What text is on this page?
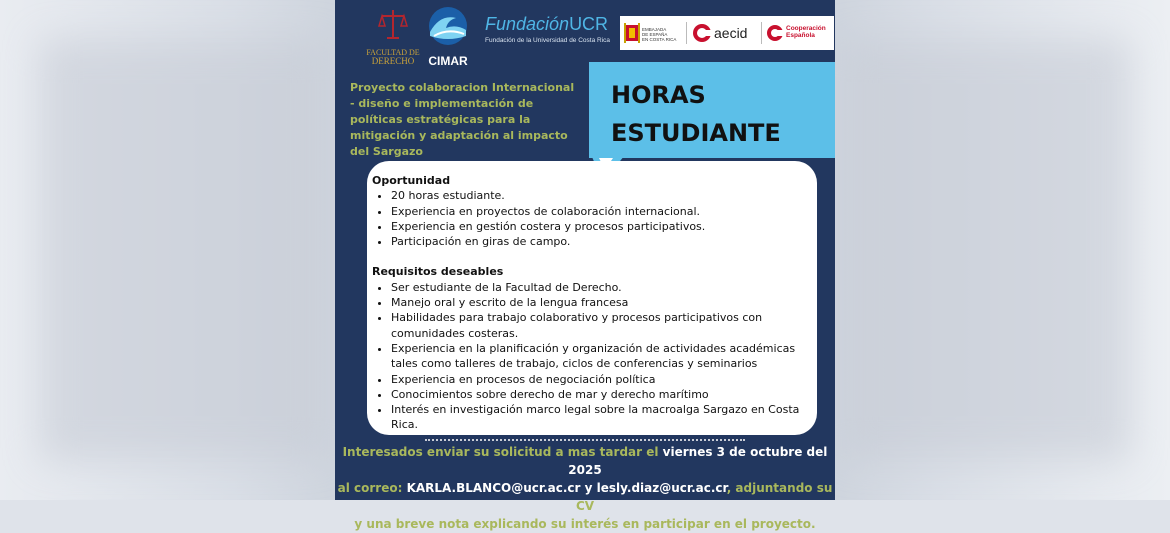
FACULTAD DE
DERECHO	CIMAR
FundaciónUCR
Fundación de la Universidad de Costa Rica
EMBAJADA
DE ESPAÑA
EN COSTA RICA	aecid	Cooperación
Española
Proyecto colaboracion Internacional - diseño e implementación de políticas estratégicas para la mitigación y adaptación al impacto del Sargazo
HORAS
ESTUDIANTE
Oportunidad
• 20 horas estudiante.
• Experiencia en proyectos de colaboración internacional.
• Experiencia en gestión costera y procesos participativos.
• Participación en giras de campo.
Requisitos deseables
• Ser estudiante de la Facultad de Derecho.
• Manejo oral y escrito de la lengua francesa
• Habilidades para trabajo colaborativo y procesos participativos con comunidades costeras.
• Experiencia en la planificación y organización de actividades académicas tales como talleres de trabajo, ciclos de conferencias y seminarios
• Experiencia en procesos de negociación política
• Conocimientos sobre derecho de mar y derecho marítimo
• Interés en investigación marco legal sobre la macroalga Sargazo en Costa Rica.
Interesados enviar su solicitud a mas tardar el viernes 3 de octubre del 2025
al correo: KARLA.BLANCO@ucr.ac.cr y lesly.diaz@ucr.ac.cr, adjuntando su CV
y una breve nota explicando su interés en participar en el proyecto.
